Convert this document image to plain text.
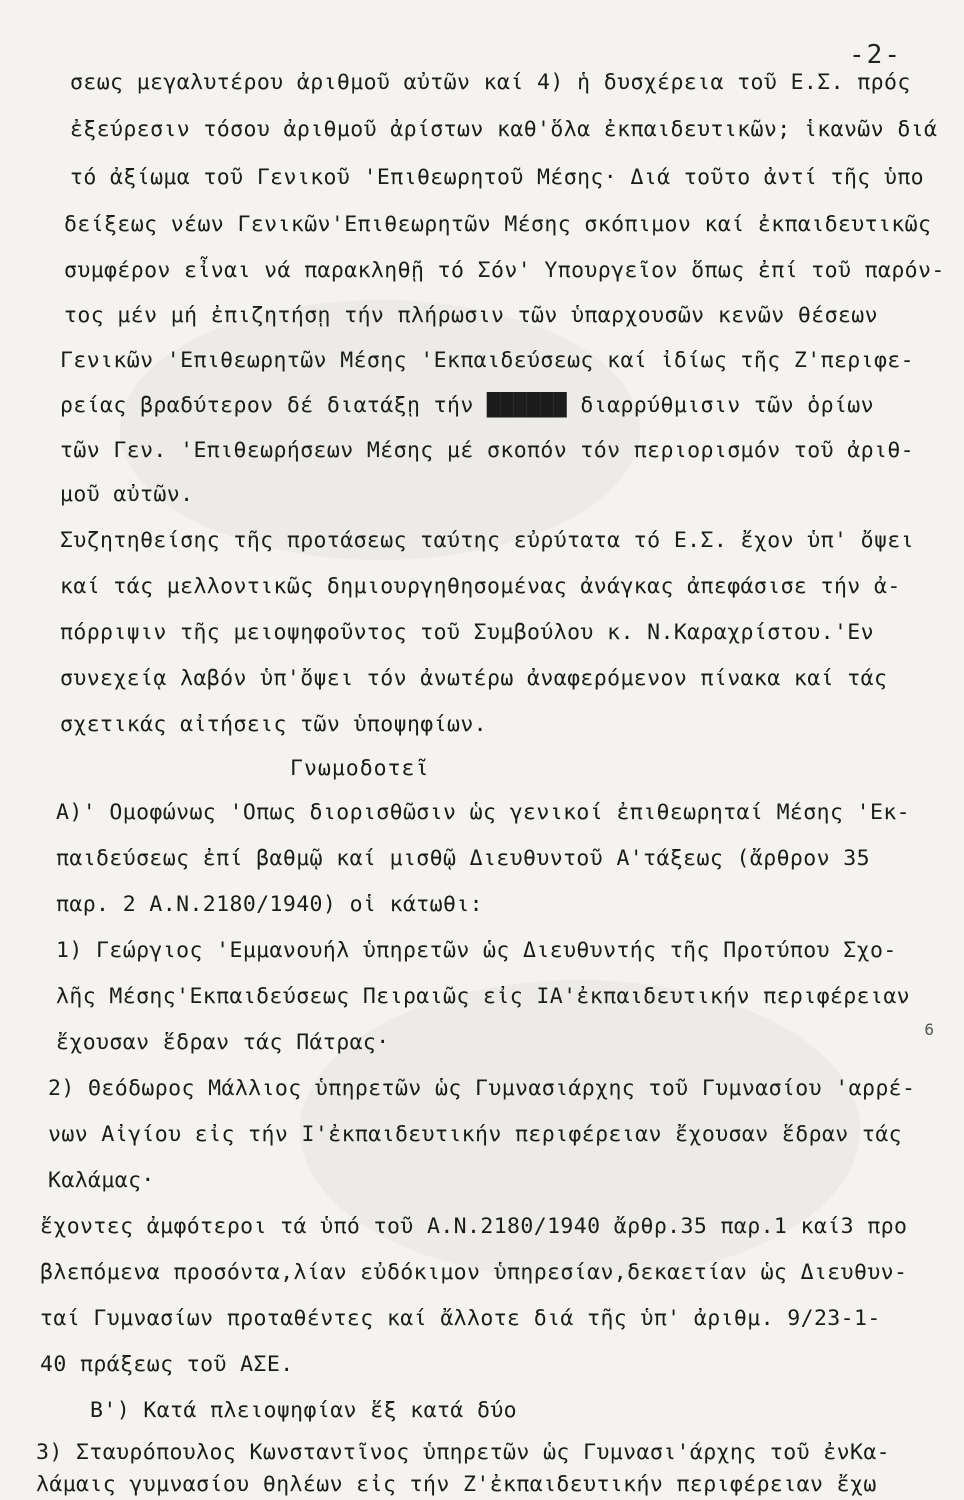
-2-
σεως μεγαλυτέρου ἀριθμοῦ αὐτῶν καί 4) ἡ δυσχέρεια τοῦ Ε.Σ. πρός
ἐξεύρεσιν τόσου ἀριθμοῦ ἀρίστων καθ'ὅλα ἐκπαιδευτικῶν; ἱκανῶν διά
τό ἀξίωμα τοῦ Γενικοῦ 'Επιθεωρητοῦ Μέσης· Διά τοῦτο ἀντί τῆς ὑπο
δείξεως νέων Γενικῶν'Επιθεωρητῶν Μέσης σκόπιμον καί ἐκπαιδευτικῶς
συμφέρον εἶναι νά παρακληθῇ τό Σόν' Υπουργεῖον ὅπως ἐπί τοῦ παρόν-
τος μέν μή ἐπιζητήσῃ τήν πλήρωσιν τῶν ὑπαρχουσῶν κενῶν θέσεων
Γενικῶν 'Επιθεωρητῶν Μέσης 'Εκπαιδεύσεως καί ἰδίως τῆς Ζ'περιφε-
ρείας βραδύτερον δέ διατάξῃ τήν ██████ διαρρύθμισιν τῶν ὁρίων
τῶν Γεν. 'Επιθεωρήσεων Μέσης μέ σκοπόν τόν περιορισμόν τοῦ ἀριθ-
μοῦ αὐτῶν.
Συζητηθείσης τῆς προτάσεως ταύτης εὐρύτατα τό Ε.Σ. ἔχον ὑπ' ὄψει
καί τάς μελλοντικῶς δημιουργηθησομένας ἀνάγκας ἀπεφάσισε τήν ἀ-
πόρριψιν τῆς μειοψηφοῦντος τοῦ Συμβούλου κ. Ν.Καραχρίστου.'Εν
συνεχείᾳ λαβόν ὑπ'ὄψει τόν ἀνωτέρω ἀναφερόμενον πίνακα καί τάς
σχετικάς αἰτήσεις τῶν ὑποψηφίων.
Γνωμοδοτεῖ
Α)' Ομοφώνως 'Οπως διορισθῶσιν ὡς γενικοί ἐπιθεωρηταί Μέσης 'Εκ-
παιδεύσεως ἐπί βαθμῷ καί μισθῷ Διευθυντοῦ Α'τάξεως (ἄρθρον 35
παρ. 2 Α.Ν.2180/1940) οἱ κάτωθι:
1) Γεώργιος 'Εμμανουήλ ὑπηρετῶν ὡς Διευθυντής τῆς Προτύπου Σχο-
λῆς Μέσης'Εκπαιδεύσεως Πειραιῶς εἰς ΙΑ'ἐκπαιδευτικήν περιφέρειαν
ἔχουσαν ἕδραν τάς Πάτρας·
2) Θεόδωρος Μάλλιος ὑπηρετῶν ὡς Γυμνασιάρχης τοῦ Γυμνασίου 'αρρέ-
νων Αἰγίου εἰς τήν Ι'ἐκπαιδευτικήν περιφέρειαν ἔχουσαν ἕδραν τάς
Καλάμας·
ἔχοντες ἀμφότεροι τά ὑπό τοῦ Α.Ν.2180/1940 ἄρθρ.35 παρ.1 καί3 προ
βλεπόμενα προσόντα,λίαν εὐδόκιμον ὑπηρεσίαν,δεκαετίαν ὡς Διευθυν-
ταί Γυμνασίων προταθέντες καί ἄλλοτε διά τῆς ὑπ' ἀριθμ. 9/23-1-
40 πράξεως τοῦ ΑΣΕ.
Β') Κατά πλειοψηφίαν ἕξ κατά δύο
3) Σταυρόπουλος Κωνσταντῖνος ὑπηρετῶν ὡς Γυμνασι'άρχης τοῦ ἐνΚα-
λάμαις γυμνασίου θηλέων εἰς τήν Ζ'ἐκπαιδευτικήν περιφέρειαν ἔχω
6
